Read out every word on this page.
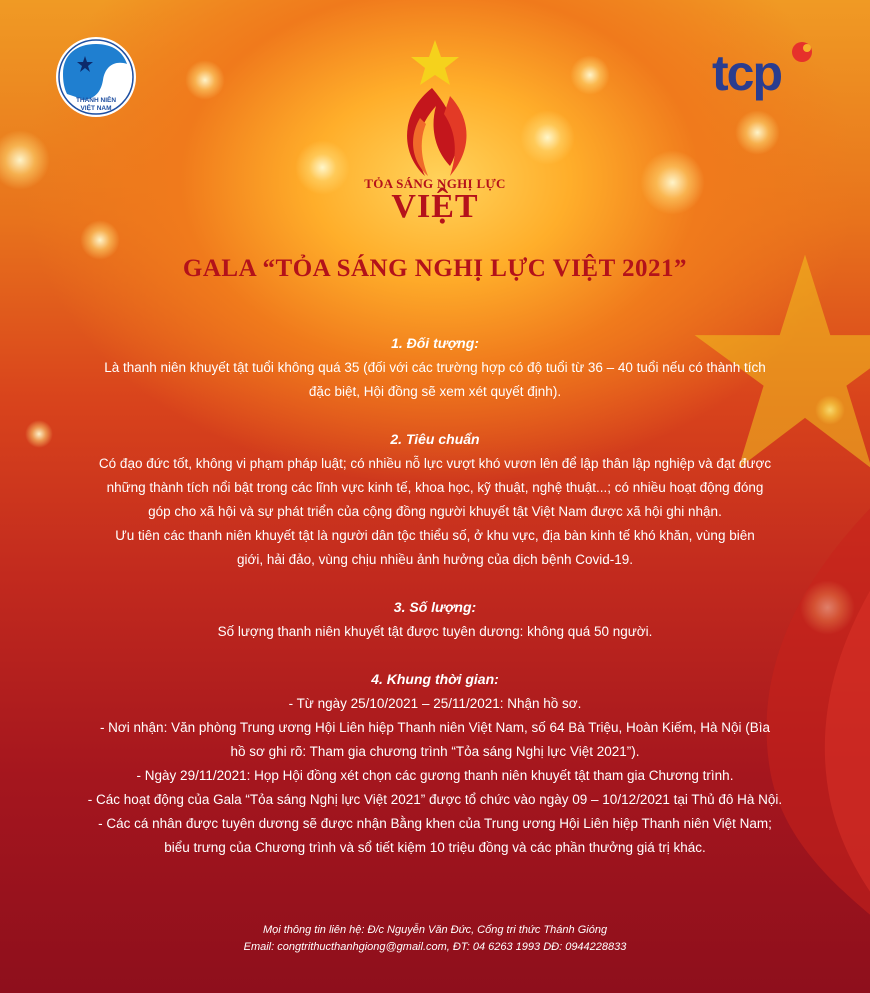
THANH NIÊN
VIỆT NAM
tcp
TỎA SÁNG NGHỊ LỰC
VIỆT
GALA “TỎA SÁNG NGHỊ LỰC VIỆT 2021”

1. Đối tượng:

Là thanh niên khuyết tật tuổi không quá 35 (đối với các trường hợp có độ tuổi từ 36 – 40 tuổi nếu có thành tích

đặc biệt, Hội đồng sẽ xem xét quyết định).

2. Tiêu chuẩn

Có đạo đức tốt, không vi phạm pháp luật; có nhiều nỗ lực vượt khó vươn lên để lập thân lập nghiệp và đạt được

những thành tích nổi bật trong các lĩnh vực kinh tế, khoa học, kỹ thuật, nghệ thuật...; có nhiều hoạt động đóng

góp cho xã hội và sự phát triển của cộng đồng người khuyết tật Việt Nam được xã hội ghi nhận.

Ưu tiên các thanh niên khuyết tật là người dân tộc thiểu số, ở khu vực, địa bàn kinh tế khó khăn, vùng biên

giới, hải đảo, vùng chịu nhiều ảnh hưởng của dịch bệnh Covid-19.

3. Số lượng:

Số lượng thanh niên khuyết tật được tuyên dương: không quá 50 người.

4. Khung thời gian:

- Từ ngày 25/10/2021 – 25/11/2021: Nhận hồ sơ.

- Nơi nhận: Văn phòng Trung ương Hội Liên hiệp Thanh niên Việt Nam, số 64 Bà Triệu, Hoàn Kiếm, Hà Nội (Bìa

hồ sơ ghi rõ: Tham gia chương trình “Tỏa sáng Nghị lực Việt 2021”).

- Ngày 29/11/2021: Họp Hội đồng xét chọn các gương thanh niên khuyết tật tham gia Chương trình.

- Các hoạt động của Gala “Tỏa sáng Nghị lực Việt 2021” được tổ chức vào ngày 09 – 10/12/2021 tại Thủ đô Hà Nội.

- Các cá nhân được tuyên dương sẽ được nhận Bằng khen của Trung ương Hội Liên hiệp Thanh niên Việt Nam;

biểu trưng của Chương trình và sổ tiết kiệm 10 triệu đồng và các phần thưởng giá trị khác.

Mọi thông tin liên hệ: Đ/c Nguyễn Văn Đức, Cổng tri thức Thánh Gióng
Email: congtrithucthanhgiong@gmail.com, ĐT: 04 6263 1993 DĐ: 0944228833
